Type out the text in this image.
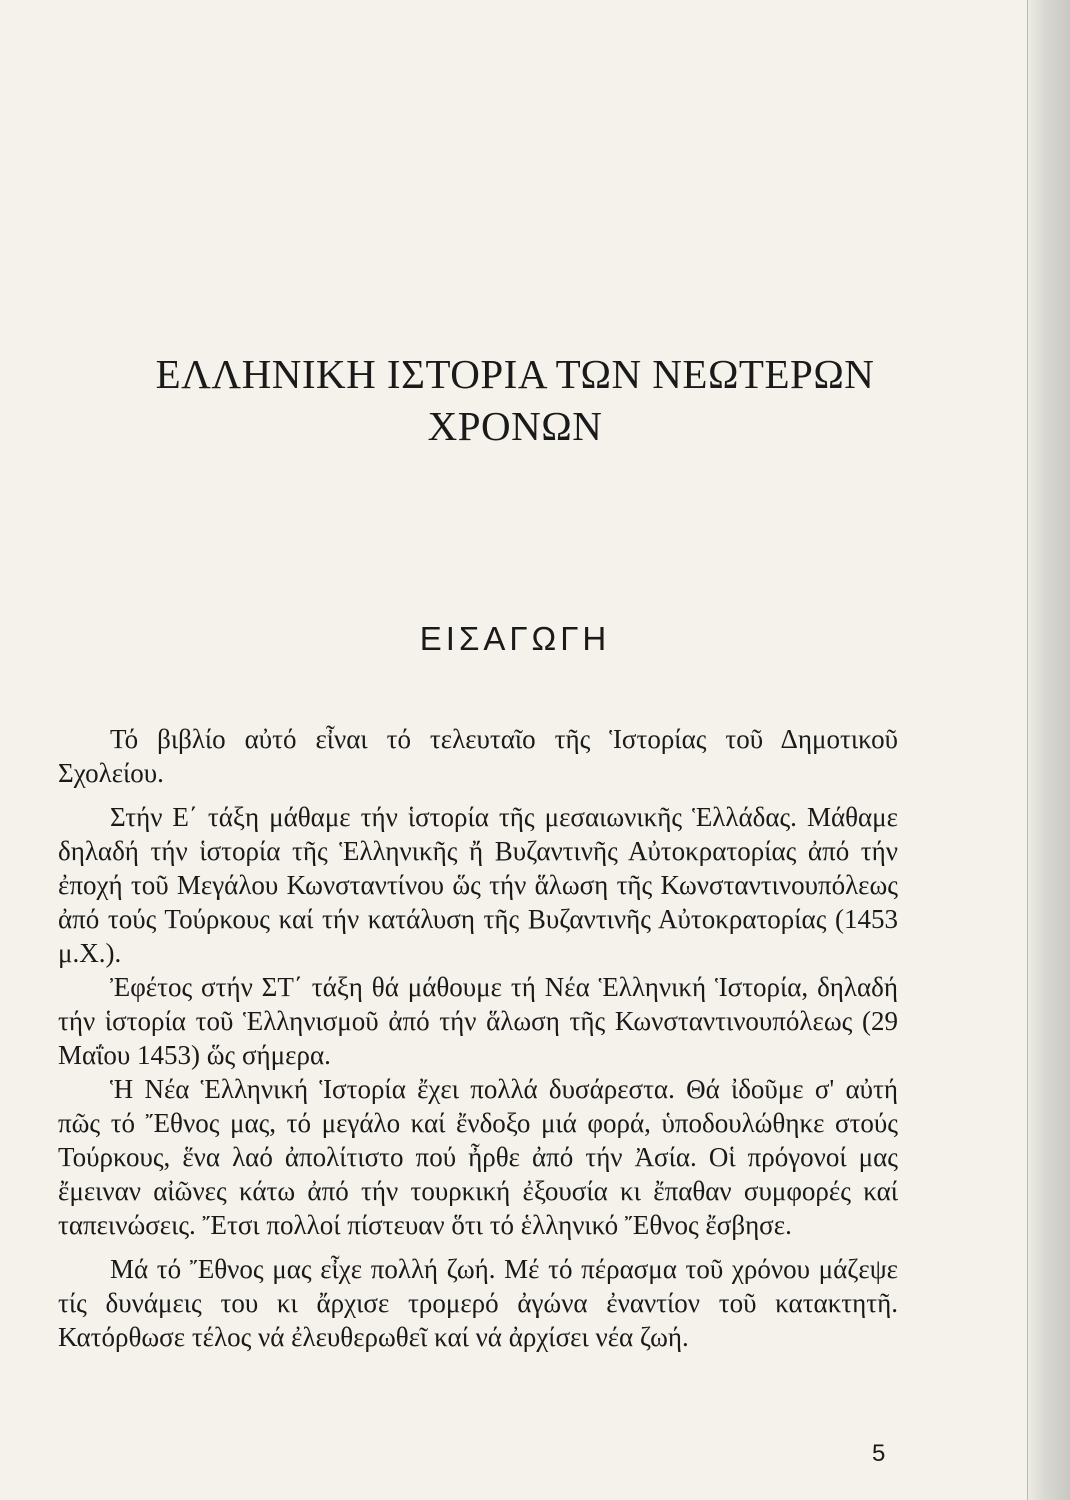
ΕΛΛΗΝΙΚΗ ΙΣΤΟΡΙΑ ΤΩΝ ΝΕΩΤΕΡΩΝ
ΧΡΟΝΩΝ
ΕΙΣΑΓΩΓΗ

Τό βιβλίο αὐτό εἶναι τό τελευταῖο τῆς Ἱστορίας τοῦ Δημοτικοῦ Σχολείου.

Στήν Ε΄ τάξη μάθαμε τήν ἱστορία τῆς μεσαιωνικῆς Ἑλλάδας. Μάθαμε δηλαδή τήν ἱστορία τῆς Ἑλληνικῆς ἤ Βυζαντινῆς Αὐτοκρατορίας ἀπό τήν ἐποχή τοῦ Μεγάλου Κωνσταντίνου ὥς τήν ἅλωση τῆς Κωνσταντινουπόλεως ἀπό τούς Τούρκους καί τήν κατάλυση τῆς Βυζαντινῆς Αὐτοκρατορίας (1453 μ.Χ.).

Ἐφέτος στήν ΣΤ΄ τάξη θά μάθουμε τή Νέα Ἑλληνική Ἱστορία, δηλαδή τήν ἱστορία τοῦ Ἑλληνισμοῦ ἀπό τήν ἅλωση τῆς Κωνσταντινουπόλεως (29 Μαΐου 1453) ὥς σήμερα.

Ἡ Νέα Ἑλληνική Ἱστορία ἔχει πολλά δυσάρεστα. Θά ἰδοῦμε σ' αὐτή πῶς τό Ἔθνος μας, τό μεγάλο καί ἔνδοξο μιά φορά, ὑποδουλώθηκε στούς Τούρκους, ἕνα λαό ἀπολίτιστο πού ἦρθε ἀπό τήν Ἀσία. Οἱ πρόγονοί μας ἔμειναν αἰῶνες κάτω ἀπό τήν τουρκική ἐξουσία κι ἔπαθαν συμφορές καί ταπεινώσεις. Ἔτσι πολλοί πίστευαν ὅτι τό ἑλληνικό Ἔθνος ἔσβησε.

Μά τό Ἔθνος μας εἶχε πολλή ζωή. Μέ τό πέρασμα τοῦ χρόνου μάζεψε τίς δυνάμεις του κι ἄρχισε τρομερό ἀγώνα ἐναντίον τοῦ κατακτητῆ. Κατόρθωσε τέλος νά ἐλευθερωθεῖ καί νά ἀρχίσει νέα ζωή.

5
